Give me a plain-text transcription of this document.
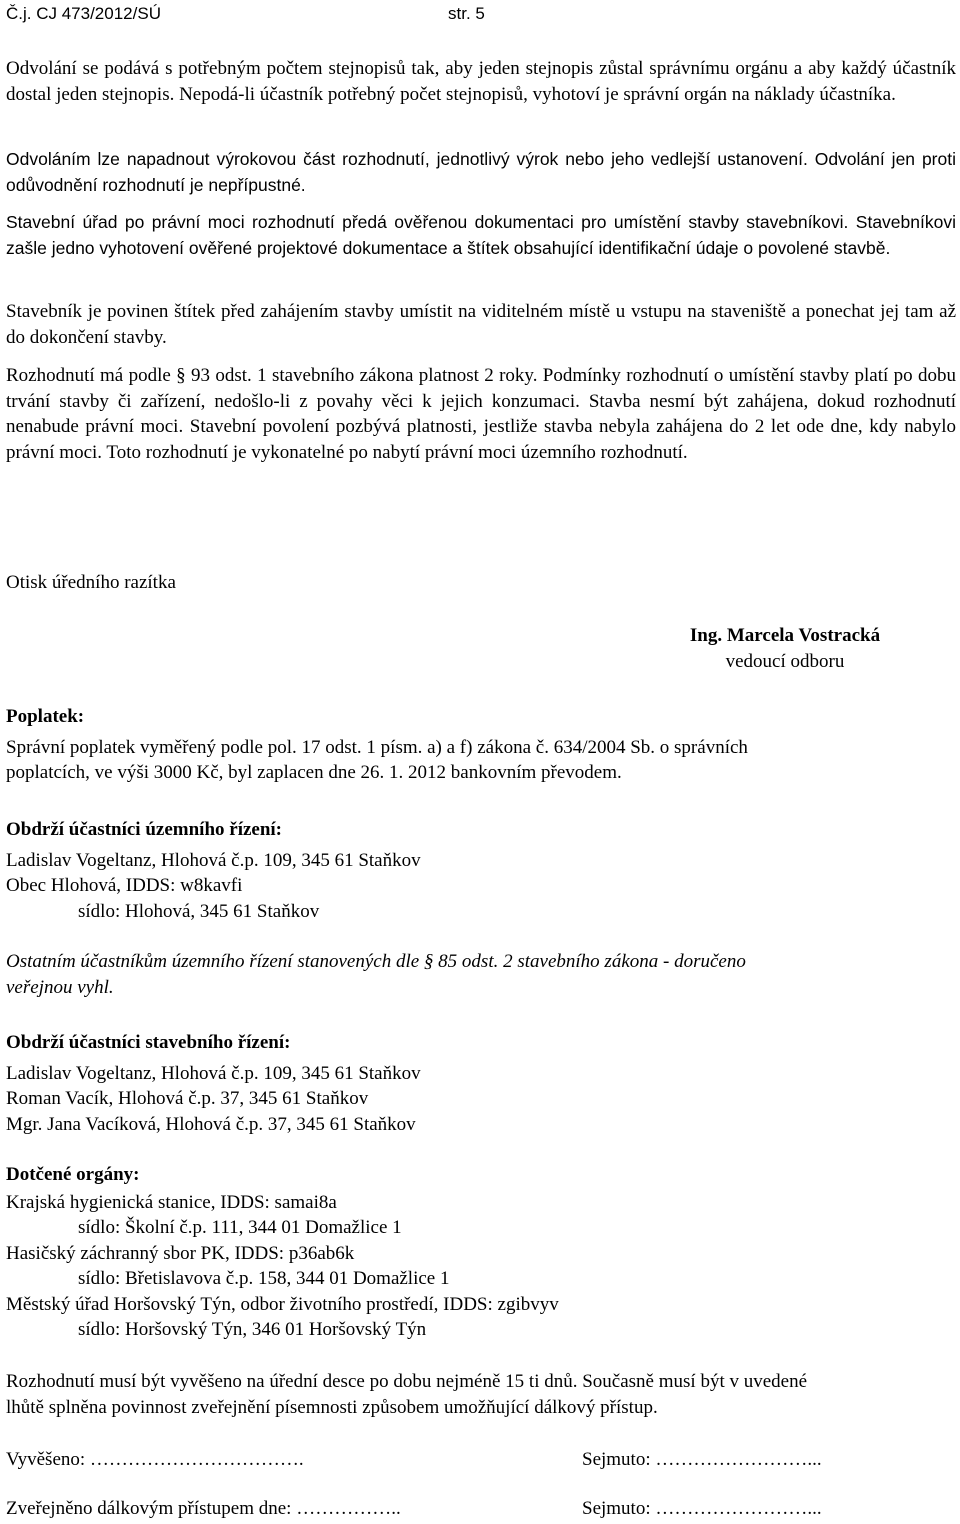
Č.j. CJ 473/2012/SÚ	str. 5

Odvolání se podává s potřebným počtem stejnopisů tak, aby jeden stejnopis zůstal správnímu orgánu a aby každý účastník dostal jeden stejnopis. Nepodá-li účastník potřebný počet stejnopisů, vyhotoví je správní orgán na náklady účastníka.

Odvoláním lze napadnout výrokovou část rozhodnutí, jednotlivý výrok nebo jeho vedlejší ustanovení. Odvolání jen proti odůvodnění rozhodnutí je nepřípustné.

Stavební úřad po právní moci rozhodnutí předá ověřenou dokumentaci pro umístění stavby stavebníkovi. Stavebníkovi zašle jedno vyhotovení ověřené projektové dokumentace a štítek obsahující identifikační údaje o povolené stavbě.

Stavebník je povinen štítek před zahájením stavby umístit na viditelném místě u vstupu na staveniště a ponechat jej tam až do dokončení stavby.

Rozhodnutí má podle § 93 odst. 1 stavebního zákona platnost 2 roky. Podmínky rozhodnutí o umístění stavby platí po dobu trvání stavby či zařízení, nedošlo-li z povahy věci k jejich konzumaci. Stavba nesmí být zahájena, dokud rozhodnutí nenabude právní moci. Stavební povolení pozbývá platnosti, jestliže stavba nebyla zahájena do 2 let ode dne, kdy nabylo právní moci. Toto rozhodnutí je vykonatelné po nabytí právní moci územního rozhodnutí.

Otisk úředního razítka
Ing. Marcela Vostracká
vedoucí odboru
Poplatek:
Správní poplatek vyměřený podle pol. 17 odst. 1 písm. a) a f) zákona č. 634/2004 Sb. o správních
poplatcích, ve výši 3000 Kč, byl zaplacen dne 26. 1. 2012 bankovním převodem.
Obdrží účastníci územního řízení:
Ladislav Vogeltanz, Hlohová č.p. 109, 345 61 Staňkov
Obec Hlohová, IDDS: w8kavfi
sídlo: Hlohová, 345 61 Staňkov
Ostatním účastníkům územního řízení stanovených dle § 85 odst. 2 stavebního zákona - doručeno
veřejnou vyhl.
Obdrží účastníci stavebního řízení:
Ladislav Vogeltanz, Hlohová č.p. 109, 345 61 Staňkov
Roman Vacík, Hlohová č.p. 37, 345 61 Staňkov
Mgr. Jana Vacíková, Hlohová č.p. 37, 345 61 Staňkov
Dotčené orgány:
Krajská hygienická stanice, IDDS: samai8a
sídlo: Školní č.p. 111, 344 01 Domažlice 1
Hasičský záchranný sbor PK, IDDS: p36ab6k
sídlo: Břetislavova č.p. 158, 344 01 Domažlice 1
Městský úřad Horšovský Týn, odbor životního prostředí, IDDS: zgibvyv
sídlo: Horšovský Týn, 346 01 Horšovský Týn
Rozhodnutí musí být vyvěšeno na úřední desce po dobu nejméně 15 ti dnů. Současně musí být v uvedené
lhůtě splněna povinnost zveřejnění písemnosti způsobem umožňující dálkový přístup.
Vyvěšeno: …………………………….	Sejmuto: ……………………...
Zveřejněno dálkovým přístupem dne: ……………..	Sejmuto: ……………………...
